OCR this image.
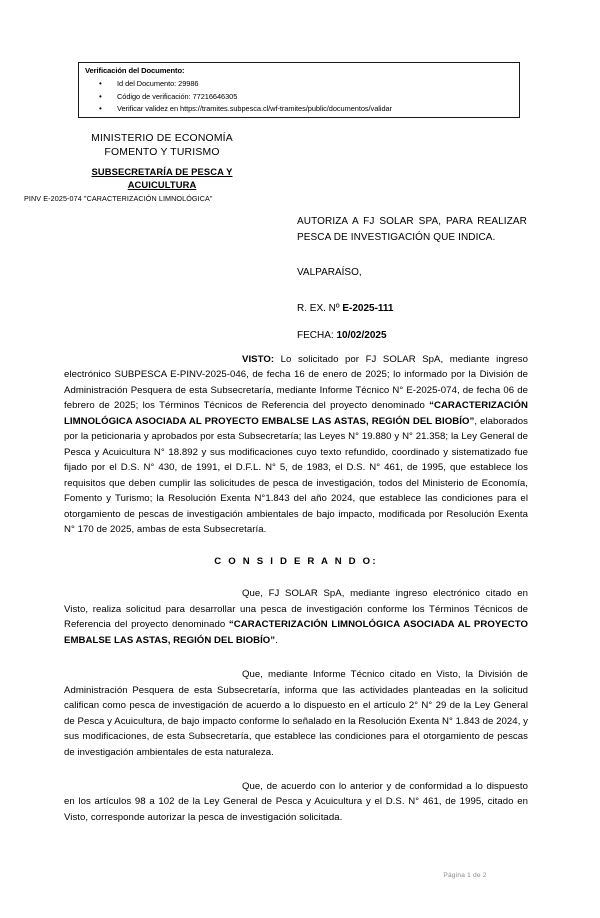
Verificación del Documento:
• Id del Documento: 29986
• Código de verificación: 77216646305
• Verificar validez en https://tramites.subpesca.cl/wf-tramites/public/documentos/validar
MINISTERIO DE ECONOMÍA
FOMENTO Y TURISMO
SUBSECRETARÍA DE PESCA Y
ACUICULTURA
PINV E-2025-074 "CARACTERIZACIÓN LIMNOLÓGICA"
AUTORIZA A FJ SOLAR SPA, PARA REALIZAR PESCA DE INVESTIGACIÓN QUE INDICA.
VALPARAÍSO,
R. EX. Nº E-2025-111
FECHA: 10/02/2025

VISTO: Lo solicitado por FJ SOLAR SpA, mediante ingreso electrónico SUBPESCA E-PINV-2025-046, de fecha 16 de enero de 2025; lo informado por la División de Administración Pesquera de esta Subsecretaría, mediante Informe Técnico N° E-2025-074, de fecha 06 de febrero de 2025; los Términos Técnicos de Referencia del proyecto denominado “CARACTERIZACIÓN LIMNOLÓGICA ASOCIADA AL PROYECTO EMBALSE LAS ASTAS, REGIÓN DEL BIOBÍO”, elaborados por la peticionaria y aprobados por esta Subsecretaría; las Leyes N° 19.880 y N° 21.358; la Ley General de Pesca y Acuicultura N° 18.892 y sus modificaciones cuyo texto refundido, coordinado y sistematizado fue fijado por el D.S. N° 430, de 1991, el D.F.L. N° 5, de 1983, el D.S. N° 461, de 1995, que establece los requisitos que deben cumplir las solicitudes de pesca de investigación, todos del Ministerio de Economía, Fomento y Turismo; la Resolución Exenta N°1.843 del año 2024, que establece las condiciones para el otorgamiento de pescas de investigación ambientales de bajo impacto, modificada por Resolución Exenta N° 170 de 2025, ambas de esta Subsecretaría.

C O N S I D E R A N D O:

Que, FJ SOLAR SpA, mediante ingreso electrónico citado en Visto, realiza solicitud para desarrollar una pesca de investigación conforme los Términos Técnicos de Referencia del proyecto denominado “CARACTERIZACIÓN LIMNOLÓGICA ASOCIADA AL PROYECTO EMBALSE LAS ASTAS, REGIÓN DEL BIOBÍO”.

Que, mediante Informe Técnico citado en Visto, la División de Administración Pesquera de esta Subsecretaría, informa que las actividades planteadas en la solicitud califican como pesca de investigación de acuerdo a lo dispuesto en el artículo 2° N° 29 de la Ley General de Pesca y Acuicultura, de bajo impacto conforme lo señalado en la Resolución Exenta N° 1.843 de 2024, y sus modificaciones, de esta Subsecretaría, que establece las condiciones para el otorgamiento de pescas de investigación ambientales de esta naturaleza.

Que, de acuerdo con lo anterior y de conformidad a lo dispuesto en los artículos 98 a 102 de la Ley General de Pesca y Acuicultura y el D.S. N° 461, de 1995, citado en Visto, corresponde autorizar la pesca de investigación solicitada.

Página 1 de 2
